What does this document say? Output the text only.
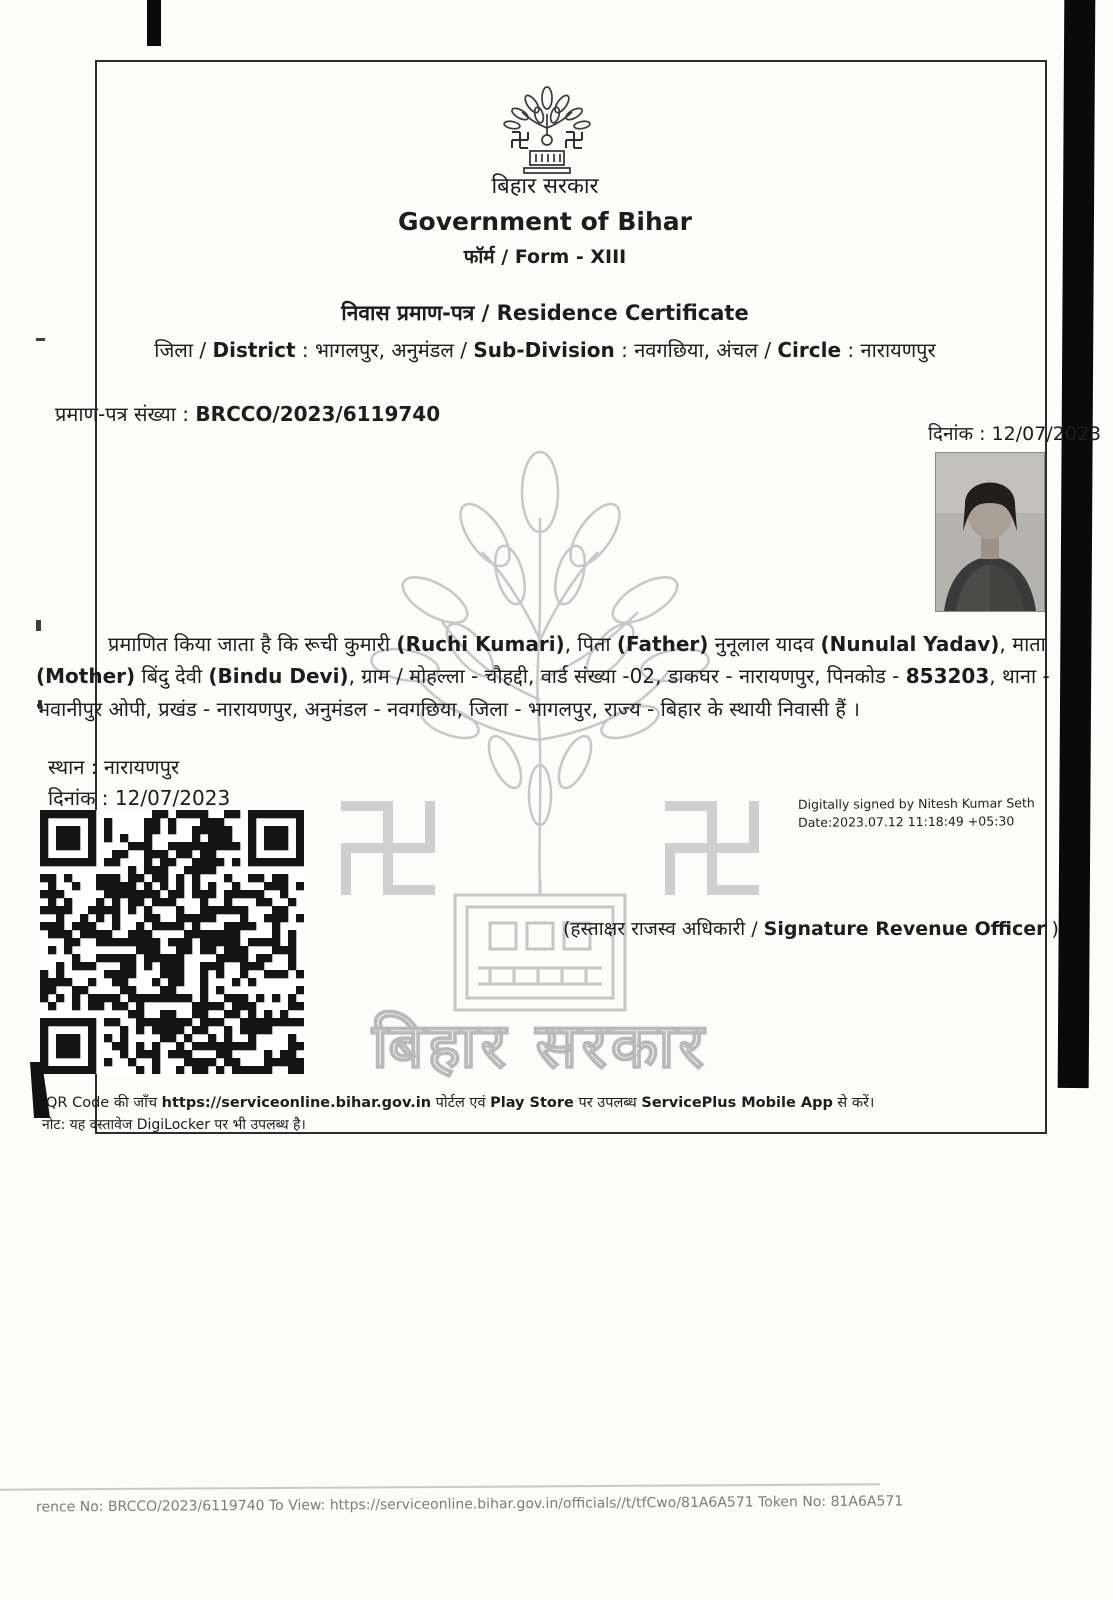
बिहार सरकार
बिहार सरकार
Government of Bihar
फॉर्म / Form - XIII
निवास प्रमाण-पत्र / Residence Certificate
जिला / District : भागलपुर, अनुमंडल / Sub-Division : नवगछिया, अंचल / Circle : नारायणपुर
प्रमाण-पत्र संख्या : BRCCO/2023/6119740
दिनांक : 12/07/2023

प्रमाणित किया जाता है कि रूची कुमारी (Ruchi Kumari), पिता (Father) नुनूलाल यादव (Nunulal Yadav), माता (Mother) बिंदु देवी (Bindu Devi), ग्राम / मोहल्ला - चौहद्दी, वार्ड संख्या -02, डाकघर - नारायणपुर, पिनकोड - 853203, थाना - भवानीपुर ओपी, प्रखंड - नारायणपुर, अनुमंडल - नवगछिया, जिला - भागलपुर, राज्य - बिहार के स्थायी निवासी हैं ।

स्थान : नारायणपुर
दिनांक : 12/07/2023	Digitally signed by Nitesh Kumar Seth
Date:2023.07.12 11:18:49 +05:30
(हस्ताक्षर राजस्व अधिकारी / Signature Revenue Officer )
QR Code की जाँच https://serviceonline.bihar.gov.in पोर्टल एवं Play Store पर उपलब्ध ServicePlus Mobile App से करें।
नोट: यह दस्तावेज DigiLocker पर भी उपलब्ध है।
rence No: BRCCO/2023/6119740 To View: https://serviceonline.bihar.gov.in/officials//t/tfCwo/81A6A571 Token No: 81A6A571
